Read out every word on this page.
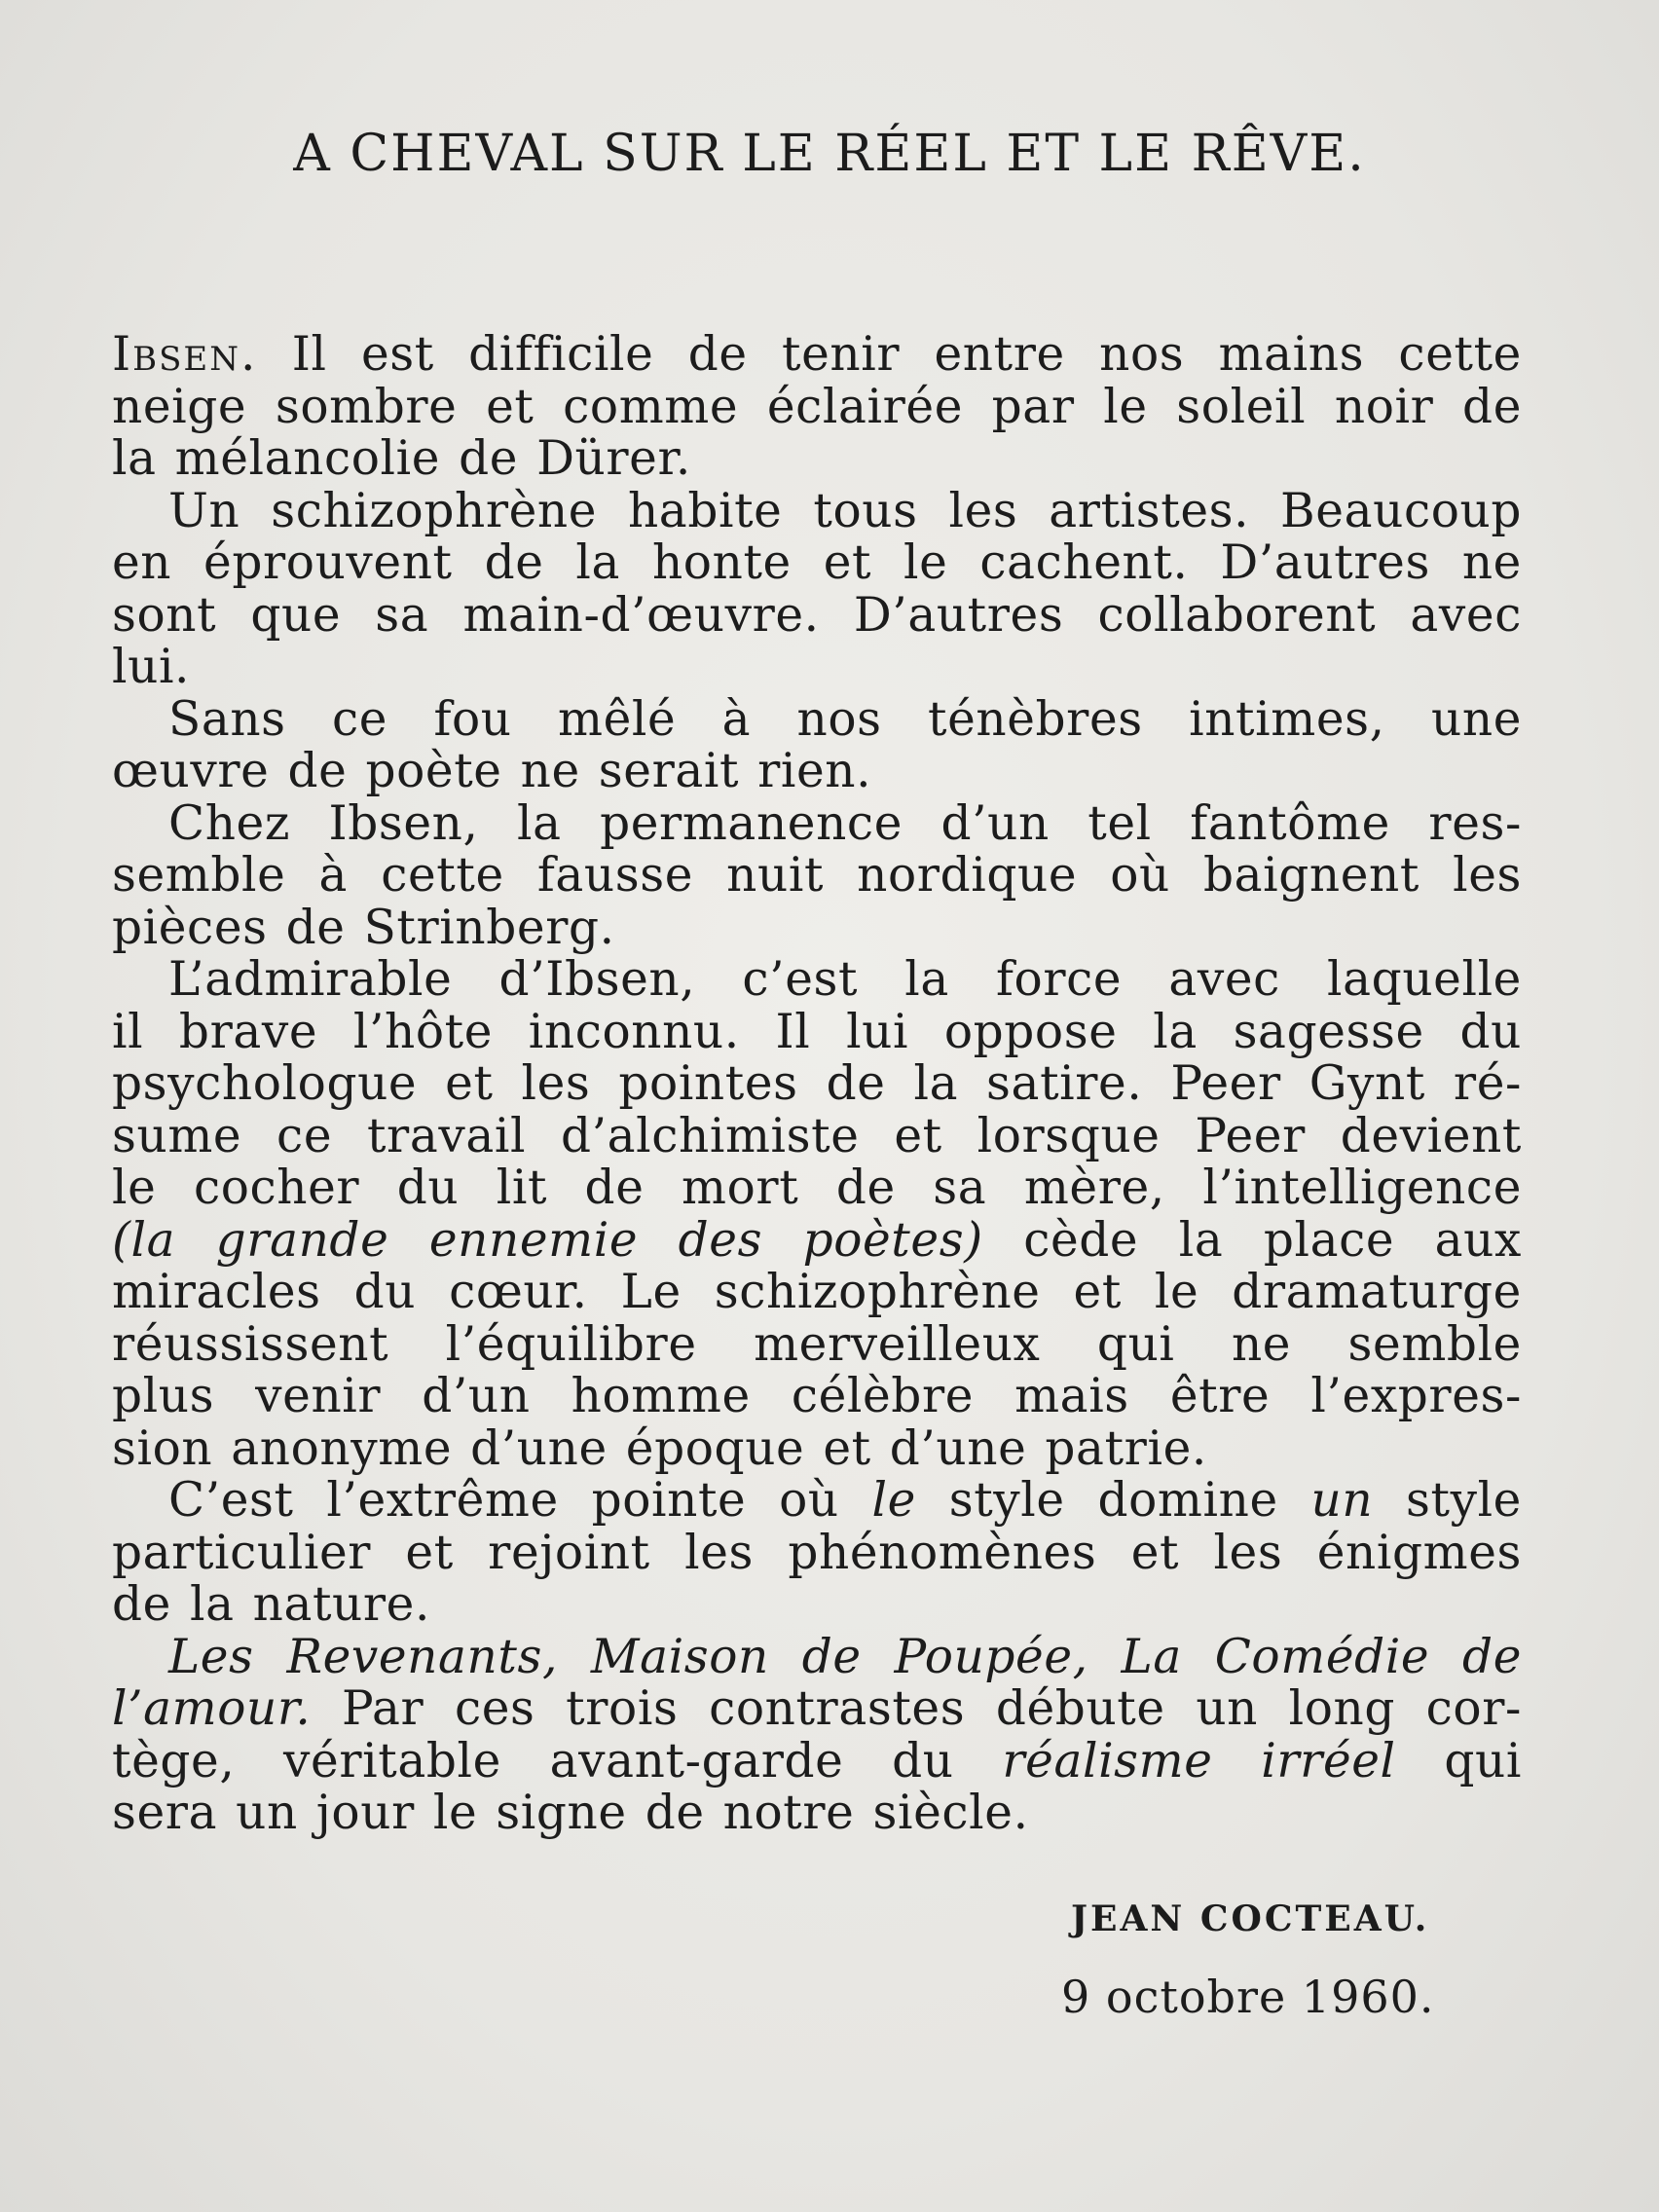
A CHEVAL SUR LE RÉEL ET LE RÊVE.
Ibsen. Il est difficile de tenir entre nos mains cette
neige sombre et comme éclairée par le soleil noir de
la mélancolie de Dürer.
Un schizophrène habite tous les artistes. Beaucoup
en éprouvent de la honte et le cachent. D’autres ne
sont que sa main-d’œuvre. D’autres collaborent avec
lui.
Sans ce fou mêlé à nos ténèbres intimes, une
œuvre de poète ne serait rien.
Chez Ibsen, la permanence d’un tel fantôme res-
semble à cette fausse nuit nordique où baignent les
pièces de Strinberg.
L’admirable d’Ibsen, c’est la force avec laquelle
il brave l’hôte inconnu. Il lui oppose la sagesse du
psychologue et les pointes de la satire. Peer Gynt ré-
sume ce travail d’alchimiste et lorsque Peer devient
le cocher du lit de mort de sa mère, l’intelligence
(la grande ennemie des poètes) cède la place aux
miracles du cœur. Le schizophrène et le dramaturge
réussissent l’équilibre merveilleux qui ne semble
plus venir d’un homme célèbre mais être l’expres-
sion anonyme d’une époque et d’une patrie.
C’est l’extrême pointe où le style domine un style
particulier et rejoint les phénomènes et les énigmes
de la nature.
Les Revenants, Maison de Poupée, La Comédie de
l’amour. Par ces trois contrastes débute un long cor-
tège, véritable avant-garde du réalisme irréel qui
sera un jour le signe de notre siècle.
JEAN COCTEAU.
9 octobre 1960.
